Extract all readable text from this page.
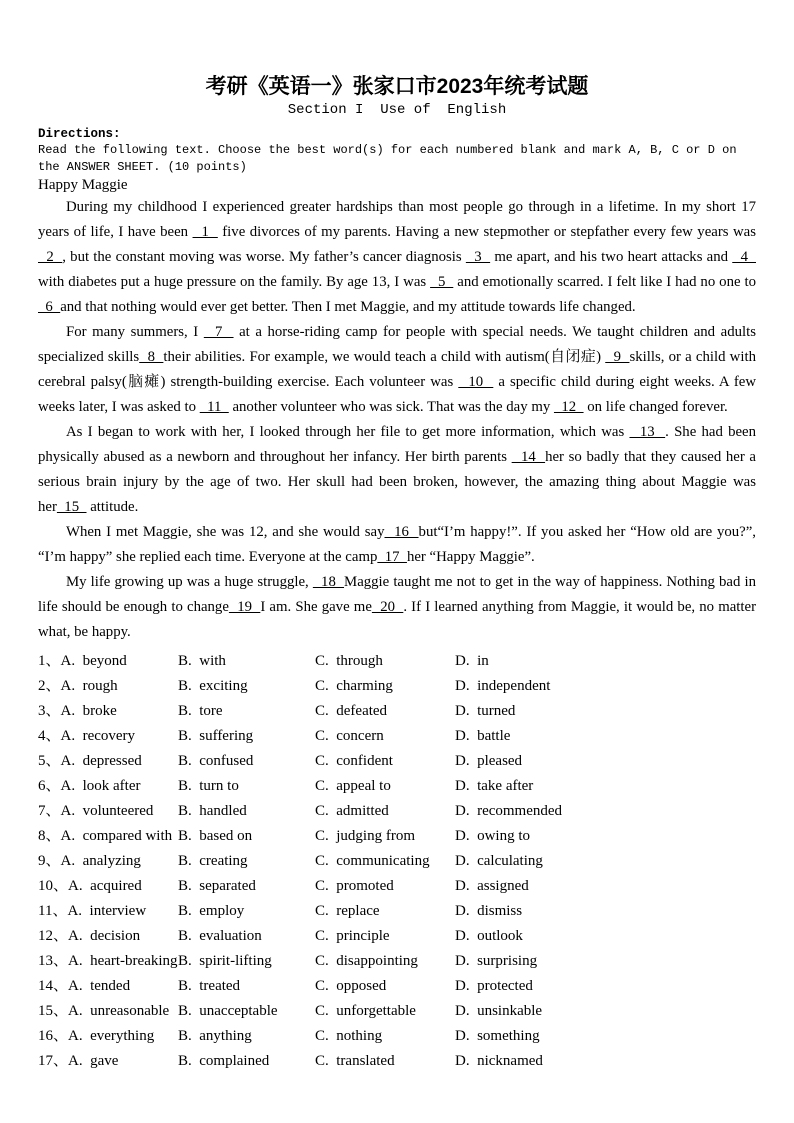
考研《英语一》张家口市2023年统考试题
Section I  Use of  English
Directions:
Read the following text. Choose the best word(s) for each numbered blank and mark A, B, C or D on the ANSWER SHEET. (10 points)
Happy Maggie

During my childhood I experienced greater hardships than most people go through in a lifetime. In my short 17 years of life, I have been   1   five divorces of my parents. Having a new stepmother or stepfather every few years was   2  , but the constant moving was worse. My father’s cancer diagnosis   3   me apart, and his two heart attacks and   4   with diabetes put a huge pressure on the family. By age 13, I was   5   and emotionally scarred. I felt like I had no one to   6  and that nothing would ever get better. Then I met Maggie, and my attitude towards life changed.

For many summers, I   7   at a horse-riding camp for people with special needs. We taught children and adults specialized skills  8  their abilities. For example, we would teach a child with autism(自闭症)   9  skills, or a child with cerebral palsy(脑瘫) strength-building exercise. Each volunteer was   10   a specific child during eight weeks. A few weeks later, I was asked to   11   another volunteer who was sick. That was the day my   12   on life changed forever.

As I began to work with her, I looked through her file to get more information, which was   13  . She had been physically abused as a newborn and throughout her infancy. Her birth parents   14  her so badly that they caused her a serious brain injury by the age of two. Her skull had been broken, however, the amazing thing about Maggie was her  15   attitude.

When I met Maggie, she was 12, and she would say  16  but“I’m happy!”. If you asked her “How old are you?”, “I’m happy” she replied each time. Everyone at the camp  17  her “Happy Maggie”.

My life growing up was a huge struggle,   18  Maggie taught me not to get in the way of happiness. Nothing bad in life should be enough to change  19  I am. She gave me  20  . If I learned anything from Maggie, it would be, no matter what, be happy.

1、A.  beyond	B.  with	C.  through	D.  in
2、A.  rough	B.  exciting	C.  charming	D.  independent
3、A.  broke	B.  tore	C.  defeated	D.  turned
4、A.  recovery	B.  suffering	C.  concern	D.  battle
5、A.  depressed	B.  confused	C.  confident	D.  pleased
6、A.  look after	B.  turn to	C.  appeal to	D.  take after
7、A.  volunteered	B.  handled	C.  admitted	D.  recommended
8、A.  compared with B.  based on	C.  judging from	D.  owing to
9、A.  analyzing	B.  creating	C.  communicating	D.  calculating
10、A.  acquired	B.  separated	C.  promoted	D.  assigned
11、A.  interview	B.  employ	C.  replace	D.  dismiss
12、A.  decision	B.  evaluation	C.  principle	D.  outlook
13、A.  heart-breaking B.  spirit-lifting	C.  disappointing	D.  surprising
14、A.  tended	B.  treated	C.  opposed	D.  protected
15、A.  unreasonable B.  unacceptable	C.  unforgettable	D.  unsinkable
16、A.  everything	B.  anything	C.  nothing	D.  something
17、A.  gave	B.  complained	C.  translated	D.  nicknamed
